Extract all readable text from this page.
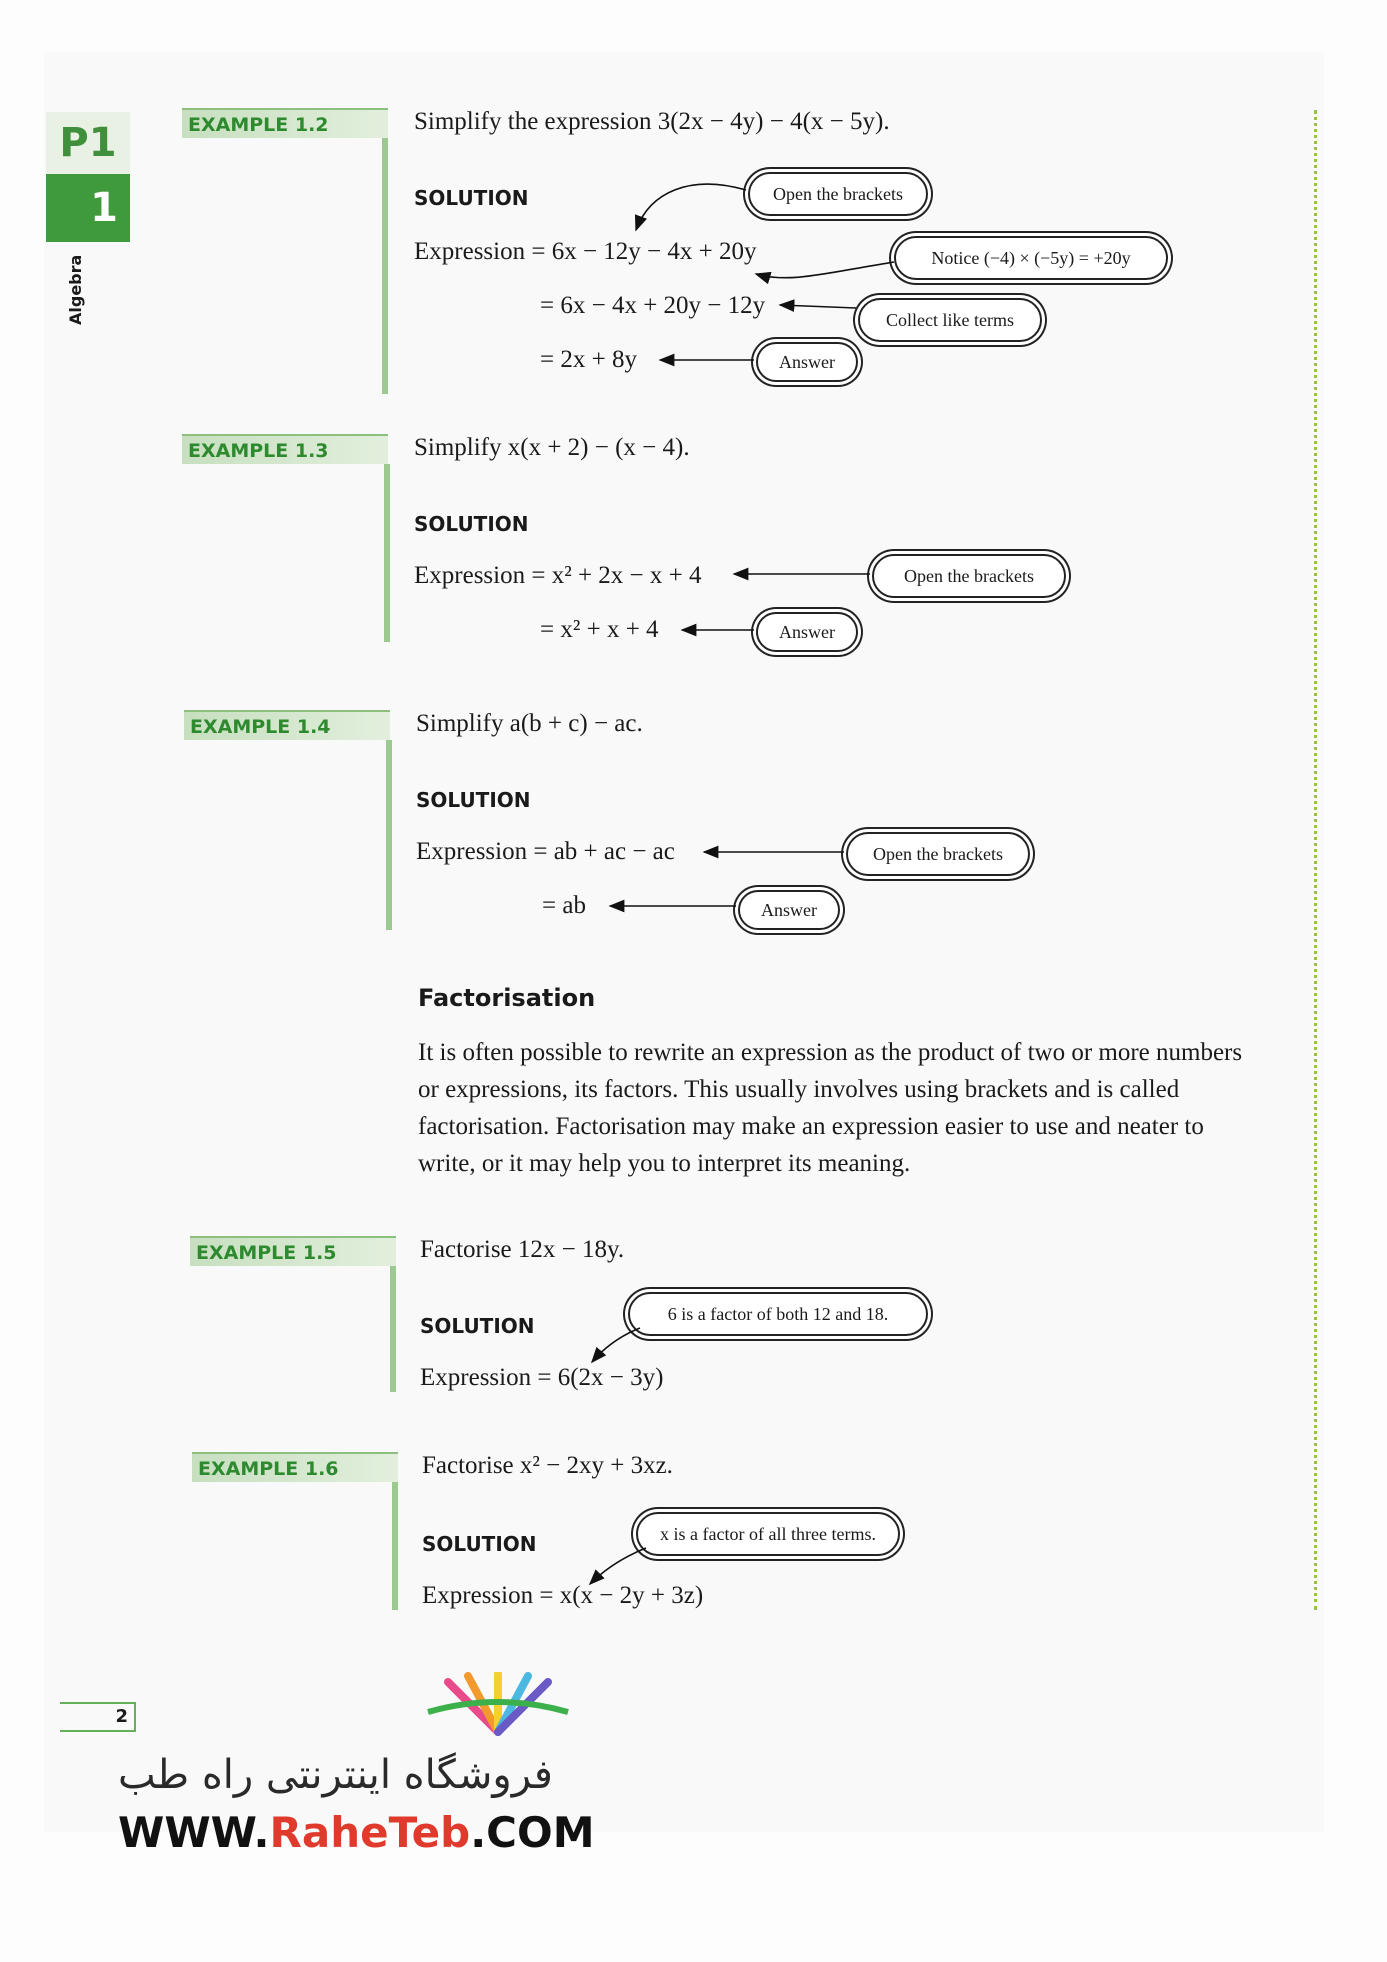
P1
1
Algebra
EXAMPLE 1.2	Simplify the expression 3(2x − 4y) − 4(x − 5y).
SOLUTION
Expression = 6x − 12y − 4x + 20y
= 6x − 4x + 20y − 12y
= 2x + 8y
Open the brackets
Notice (−4) × (−5y) = +20y
Collect like terms
Answer
EXAMPLE 1.3	Simplify x(x + 2) − (x − 4).
SOLUTION
Expression = x² + 2x − x + 4
= x² + x + 4
Open the brackets
Answer
EXAMPLE 1.4	Simplify a(b + c) − ac.
SOLUTION
Expression = ab + ac − ac
= ab
Open the brackets
Answer
Factorisation
It is often possible to rewrite an expression as the product of two or more numbers or expressions, its factors. This usually involves using brackets and is called factorisation. Factorisation may make an expression easier to use and neater to write, or it may help you to interpret its meaning.
EXAMPLE 1.5	Factorise 12x − 18y.
SOLUTION
Expression = 6(2x − 3y)
6 is a factor of both 12 and 18.
EXAMPLE 1.6	Factorise x² − 2xy + 3xz.
SOLUTION
Expression = x(x − 2y + 3z)
x is a factor of all three terms.
2
فروشگاه اینترنتی راه طب
WWW.RaheTeb.COM
